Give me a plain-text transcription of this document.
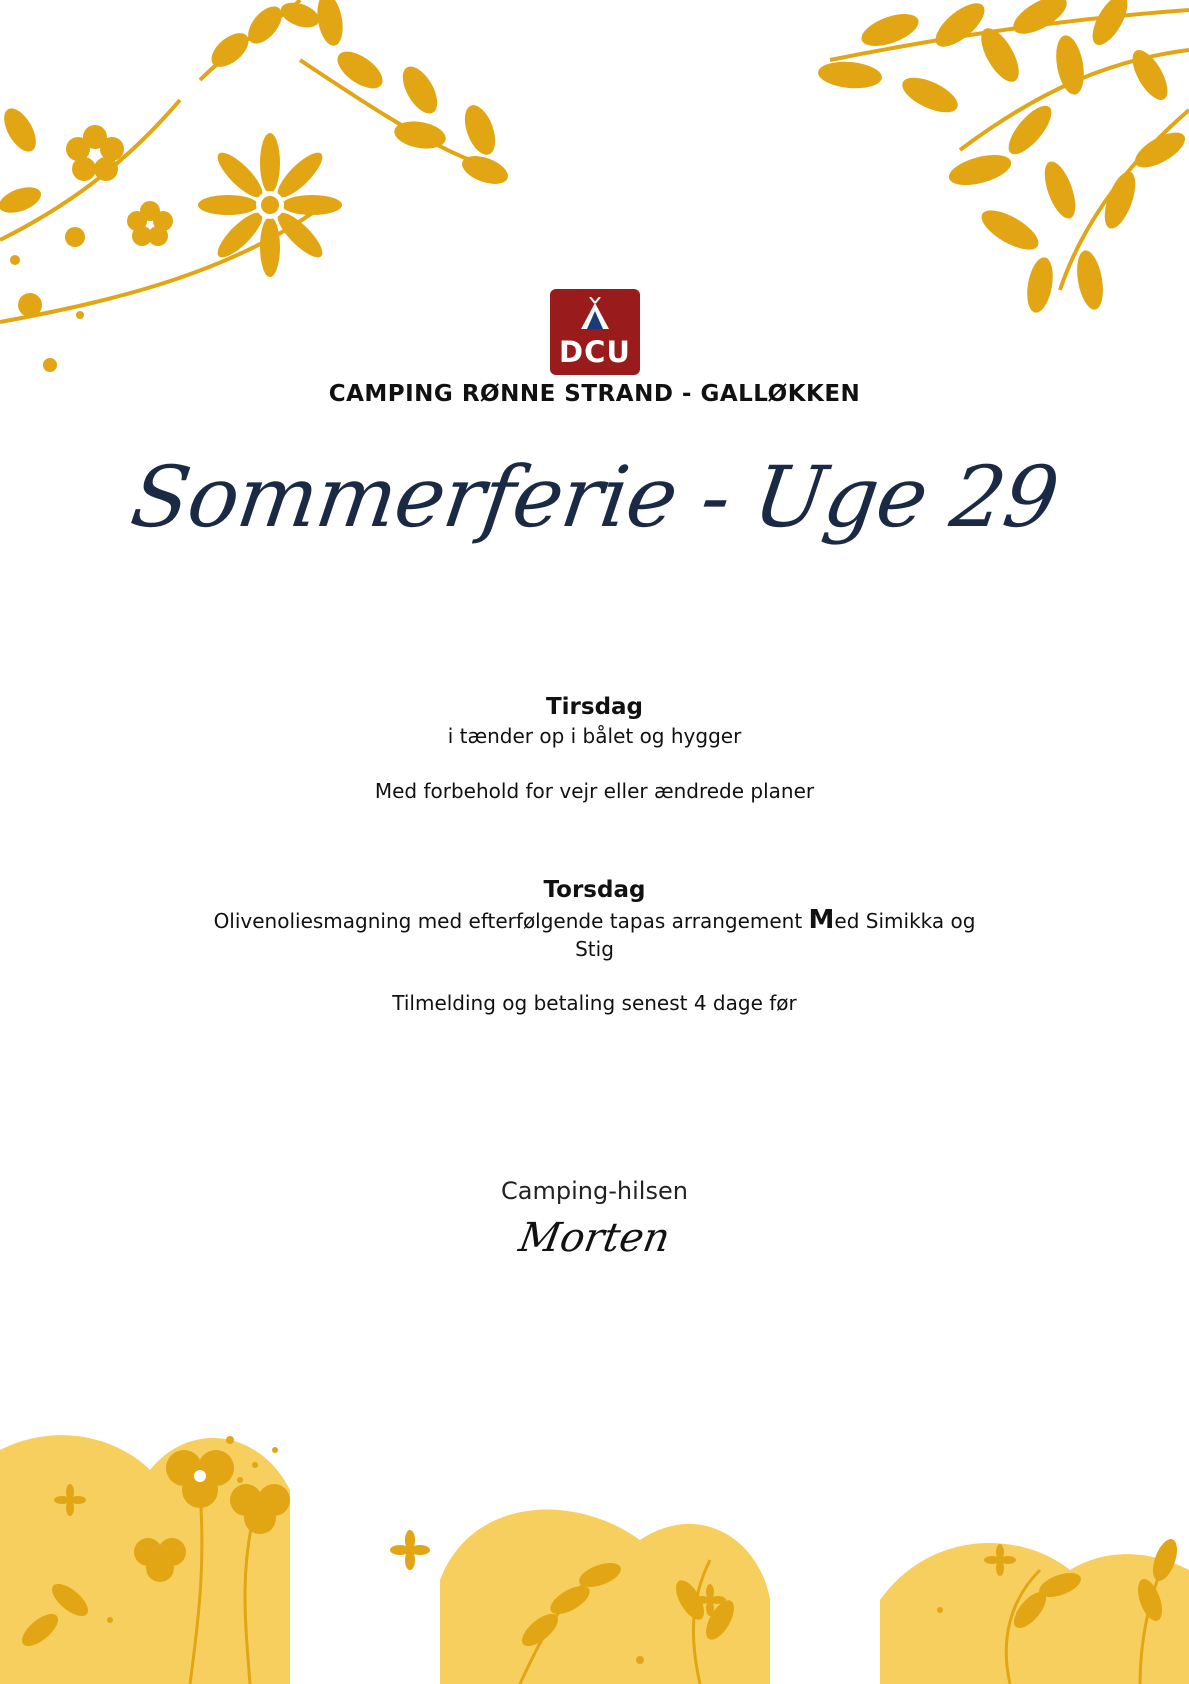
DCU
CAMPING RØNNE STRAND - GALLØKKEN
Sommerferie - Uge 29
Tirsdag
i tænder op i bålet og hygger
Med forbehold for vejr eller ændrede planer
Torsdag
Olivenoliesmagning med efterfølgende tapas arrangement Med Simikka og
Stig
Tilmelding og betaling senest 4 dage før
Camping-hilsen
Morten
